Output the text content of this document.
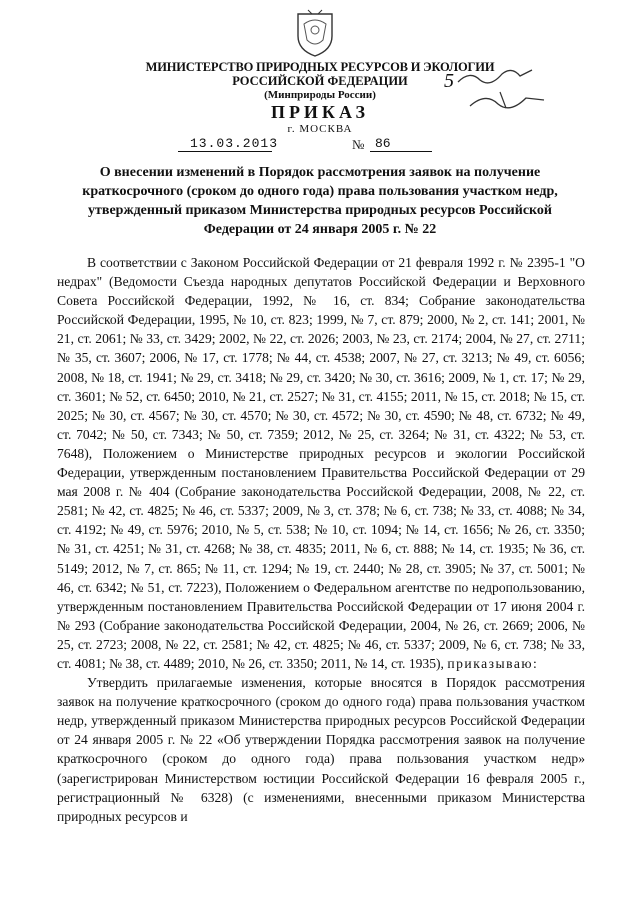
МИНИСТЕРСТВО ПРИРОДНЫХ РЕСУРСОВ И ЭКОЛОГИИ
РОССИЙСКОЙ ФЕДЕРАЦИИ
(Минприроды России)
ПРИКАЗ
г. МОСКВА
13.03.2013	№ 86
5
О внесении изменений в Порядок рассмотрения заявок на получение краткосрочного (сроком до одного года) права пользования участком недр, утвержденный приказом Министерства природных ресурсов Российской Федерации от 24 января 2005 г. № 22

В соответствии с Законом Российской Федерации от 21 февраля 1992 г. № 2395-1 "О недрах" (Ведомости Съезда народных депутатов Российской Федерации и Верховного Совета Российской Федерации, 1992, № 16, ст. 834; Собрание законодательства Российской Федерации, 1995, № 10, ст. 823; 1999, № 7, ст. 879; 2000, № 2, ст. 141; 2001, № 21, ст. 2061; № 33, ст. 3429; 2002, № 22, ст. 2026; 2003, № 23, ст. 2174; 2004, № 27, ст. 2711; № 35, ст. 3607; 2006, № 17, ст. 1778; № 44, ст. 4538; 2007, № 27, ст. 3213; № 49, ст. 6056; 2008, № 18, ст. 1941; № 29, ст. 3418; № 29, ст. 3420; № 30, ст. 3616; 2009, № 1, ст. 17; № 29, ст. 3601; № 52, ст. 6450; 2010, № 21, ст. 2527; № 31, ст. 4155; 2011, № 15, ст. 2018; № 15, ст. 2025; № 30, ст. 4567; № 30, ст. 4570; № 30, ст. 4572; № 30, ст. 4590; № 48, ст. 6732; № 49, ст. 7042; № 50, ст. 7343; № 50, ст. 7359; 2012, № 25, ст. 3264; № 31, ст. 4322; № 53, ст. 7648), Положением о Министерстве природных ресурсов и экологии Российской Федерации, утвержденным постановлением Правительства Российской Федерации от 29 мая 2008 г. № 404 (Собрание законодательства Российской Федерации, 2008, № 22, ст. 2581; № 42, ст. 4825; № 46, ст. 5337; 2009, № 3, ст. 378; № 6, ст. 738; № 33, ст. 4088; № 34, ст. 4192; № 49, ст. 5976; 2010, № 5, ст. 538; № 10, ст. 1094; № 14, ст. 1656; № 26, ст. 3350; № 31, ст. 4251; № 31, ст. 4268; № 38, ст. 4835; 2011, № 6, ст. 888; № 14, ст. 1935; № 36, ст. 5149; 2012, № 7, ст. 865; № 11, ст. 1294; № 19, ст. 2440; № 28, ст. 3905; № 37, ст. 5001; № 46, ст. 6342; № 51, ст. 7223), Положением о Федеральном агентстве по недропользованию, утвержденным постановлением Правительства Российской Федерации от 17 июня 2004 г. № 293 (Собрание законодательства Российской Федерации, 2004, № 26, ст. 2669; 2006, № 25, ст. 2723; 2008, № 22, ст. 2581; № 42, ст. 4825; № 46, ст. 5337; 2009, № 6, ст. 738; № 33, ст. 4081; № 38, ст. 4489; 2010, № 26, ст. 3350; 2011, № 14, ст. 1935), приказываю:

Утвердить прилагаемые изменения, которые вносятся в Порядок рассмотрения заявок на получение краткосрочного (сроком до одного года) права пользования участком недр, утвержденный приказом Министерства природных ресурсов Российской Федерации от 24 января 2005 г. № 22 «Об утверждении Порядка рассмотрения заявок на получение краткосрочного (сроком до одного года) права пользования участком недр» (зарегистрирован Министерством юстиции Российской Федерации 16 февраля 2005 г., регистрационный № 6328) (с изменениями, внесенными приказом Министерства природных ресурсов и
